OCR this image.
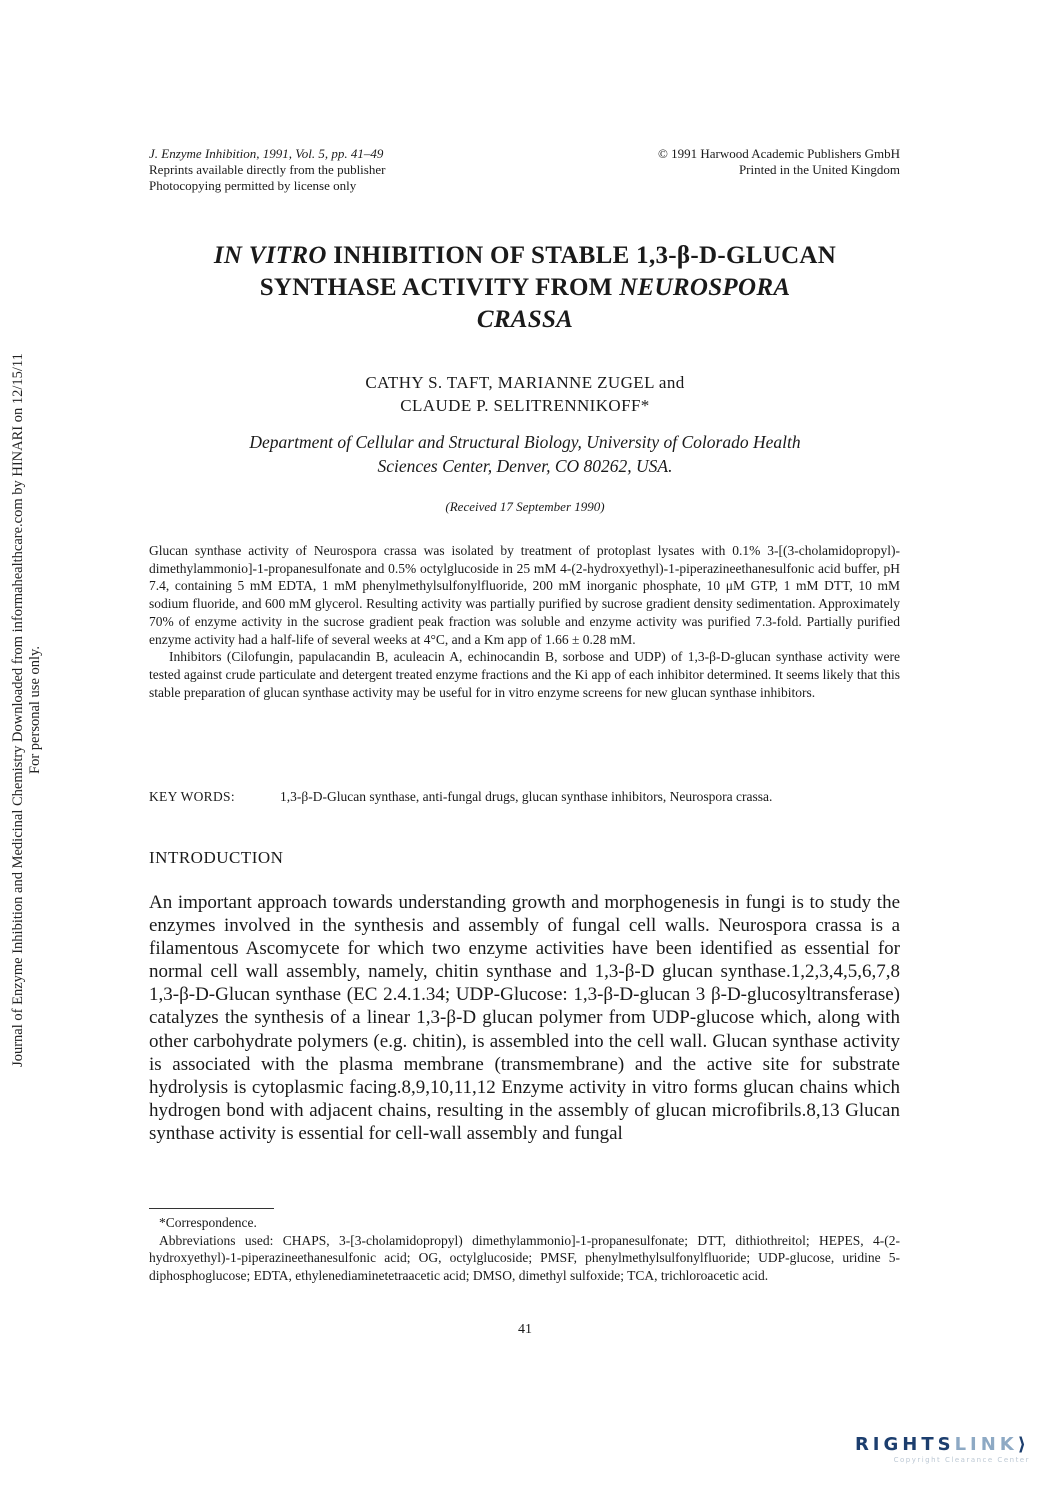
Journal of Enzyme Inhibition and Medicinal Chemistry Downloaded from informahealthcare.com by HINARI on 12/15/11 For personal use only.
J. Enzyme Inhibition, 1991, Vol. 5, pp. 41–49
Reprints available directly from the publisher
Photocopying permitted by license only
© 1991 Harwood Academic Publishers GmbH
Printed in the United Kingdom
IN VITRO INHIBITION OF STABLE 1,3-β-D-GLUCAN
SYNTHASE ACTIVITY FROM NEUROSPORA
CRASSA
CATHY S. TAFT, MARIANNE ZUGEL and
CLAUDE P. SELITRENNIKOFF*
Department of Cellular and Structural Biology, University of Colorado Health
Sciences Center, Denver, CO 80262, USA.
(Received 17 September 1990)

Glucan synthase activity of Neurospora crassa was isolated by treatment of protoplast lysates with 0.1% 3-[(3-cholamidopropyl)-dimethylammonio]-1-propanesulfonate and 0.5% octylglucoside in 25 mM 4-(2-hydroxyethyl)-1-piperazineethanesulfonic acid buffer, pH 7.4, containing 5 mM EDTA, 1 mM phenylmethylsulfonylfluoride, 200 mM inorganic phosphate, 10 μM GTP, 1 mM DTT, 10 mM sodium fluoride, and 600 mM glycerol. Resulting activity was partially purified by sucrose gradient density sedimentation. Approximately 70% of enzyme activity in the sucrose gradient peak fraction was soluble and enzyme activity was purified 7.3-fold. Partially purified enzyme activity had a half-life of several weeks at 4°C, and a Km app of 1.66 ± 0.28 mM.

Inhibitors (Cilofungin, papulacandin B, aculeacin A, echinocandin B, sorbose and UDP) of 1,3-β-D-glucan synthase activity were tested against crude particulate and detergent treated enzyme fractions and the Ki app of each inhibitor determined. It seems likely that this stable preparation of glucan synthase activity may be useful for in vitro enzyme screens for new glucan synthase inhibitors.

KEY WORDS:	1,3-β-D-Glucan synthase, anti-fungal drugs, glucan synthase inhibitors, Neurospora crassa.
INTRODUCTION

An important approach towards understanding growth and morphogenesis in fungi is to study the enzymes involved in the synthesis and assembly of fungal cell walls. Neurospora crassa is a filamentous Ascomycete for which two enzyme activities have been identified as essential for normal cell wall assembly, namely, chitin synthase and 1,3-β-D glucan synthase.1,2,3,4,5,6,7,8 1,3-β-D-Glucan synthase (EC 2.4.1.34; UDP-Glucose: 1,3-β-D-glucan 3 β-D-glucosyltransferase) catalyzes the synthesis of a linear 1,3-β-D glucan polymer from UDP-glucose which, along with other carbohydrate polymers (e.g. chitin), is assembled into the cell wall. Glucan synthase activity is associated with the plasma membrane (transmembrane) and the active site for substrate hydrolysis is cytoplasmic facing.8,9,10,11,12 Enzyme activity in vitro forms glucan chains which hydrogen bond with adjacent chains, resulting in the assembly of glucan microfibrils.8,13 Glucan synthase activity is essential for cell-wall assembly and fungal

*Correspondence.

Abbreviations used: CHAPS, 3-[3-cholamidopropyl) dimethylammonio]-1-propanesulfonate; DTT, dithiothreitol; HEPES, 4-(2-hydroxyethyl)-1-piperazineethanesulfonic acid; OG, octylglucoside; PMSF, phenylmethylsulfonylfluoride; UDP-glucose, uridine 5-diphosphoglucose; EDTA, ethylenediaminetetraacetic acid; DMSO, dimethyl sulfoxide; TCA, trichloroacetic acid.

41
RIGHTSLINK⟩
Copyright Clearance Center
